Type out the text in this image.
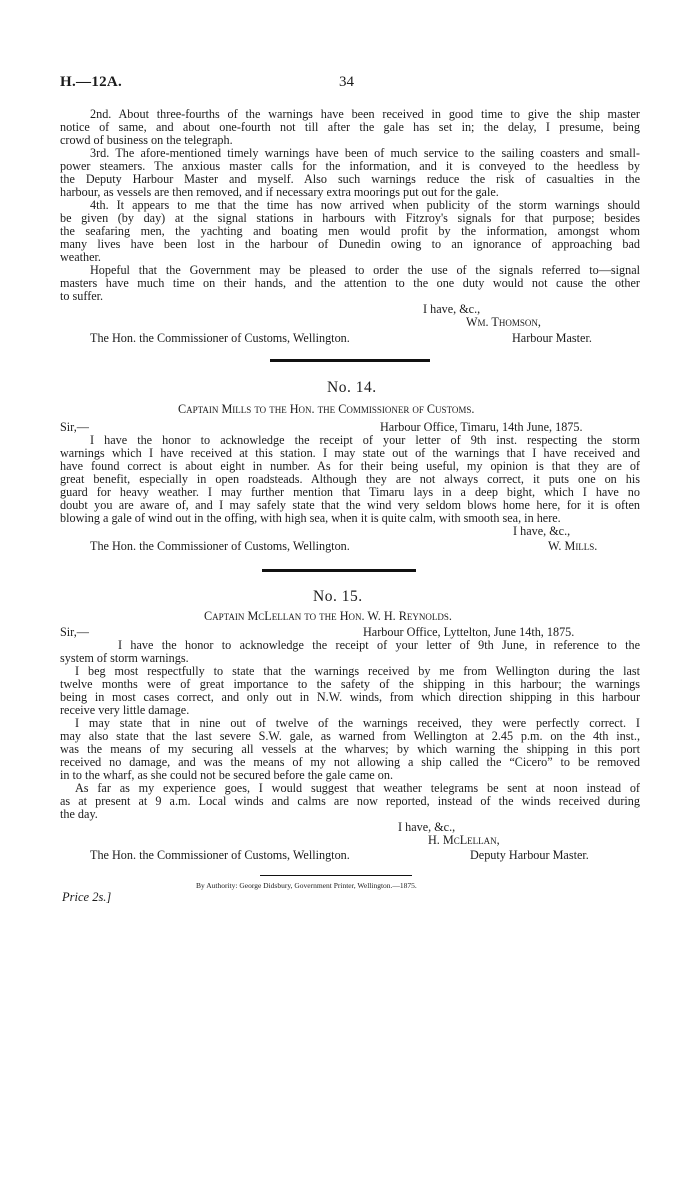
H.—12A.	34
2nd. About three-fourths of the warnings have been received in good time to give the ship master
notice of same, and about one-fourth not till after the gale has set in; the delay, I presume, being
crowd of business on the telegraph.
3rd. The afore-mentioned timely warnings have been of much service to the sailing coasters and small-
power steamers. The anxious master calls for the information, and it is conveyed to the heedless by
the Deputy Harbour Master and myself. Also such warnings reduce the risk of casualties in the
harbour, as vessels are then removed, and if necessary extra moorings put out for the gale.
4th. It appears to me that the time has now arrived when publicity of the storm warnings should
be given (by day) at the signal stations in harbours with Fitzroy's signals for that purpose; besides
the seafaring men, the yachting and boating men would profit by the information, amongst whom
many lives have been lost in the harbour of Dunedin owing to an ignorance of approaching bad
weather.
Hopeful that the Government may be pleased to order the use of the signals referred to—signal
masters have much time on their hands, and the attention to the one duty would not cause the other
to suffer.
I have, &c.,
Wm. Thomson,
The Hon. the Commissioner of Customs, Wellington.	Harbour Master.
No. 14.
Captain Mills to the Hon. the Commissioner of Customs.
Sir,—	Harbour Office, Timaru, 14th June, 1875.
I have the honor to acknowledge the receipt of your letter of 9th inst. respecting the storm
warnings which I have received at this station. I may state out of the warnings that I have received and
have found correct is about eight in number. As for their being useful, my opinion is that they are of
great benefit, especially in open roadsteads. Although they are not always correct, it puts one on his
guard for heavy weather. I may further mention that Timaru lays in a deep bight, which I have no
doubt you are aware of, and I may safely state that the wind very seldom blows home here, for it is often
blowing a gale of wind out in the offing, with high sea, when it is quite calm, with smooth sea, in here.
I have, &c.,
The Hon. the Commissioner of Customs, Wellington.	W. Mills.
No. 15.
Captain McLellan to the Hon. W. H. Reynolds.
Sir,—	Harbour Office, Lyttelton, June 14th, 1875.
I have the honor to acknowledge the receipt of your letter of 9th June, in reference to the
system of storm warnings.
I beg most respectfully to state that the warnings received by me from Wellington during the last
twelve months were of great importance to the safety of the shipping in this harbour; the warnings
being in most cases correct, and only out in N.W. winds, from which direction shipping in this harbour
receive very little damage.
I may state that in nine out of twelve of the warnings received, they were perfectly correct. I
may also state that the last severe S.W. gale, as warned from Wellington at 2.45 p.m. on the 4th inst.,
was the means of my securing all vessels at the wharves; by which warning the shipping in this port
received no damage, and was the means of my not allowing a ship called the “Cicero” to be removed
in to the wharf, as she could not be secured before the gale came on.
As far as my experience goes, I would suggest that weather telegrams be sent at noon instead of
as at present at 9 a.m. Local winds and calms are now reported, instead of the winds received during
the day.
I have, &c.,
H. McLellan,
The Hon. the Commissioner of Customs, Wellington.	Deputy Harbour Master.
By Authority: George Didsbury, Government Printer, Wellington.—1875.
Price 2s.]
